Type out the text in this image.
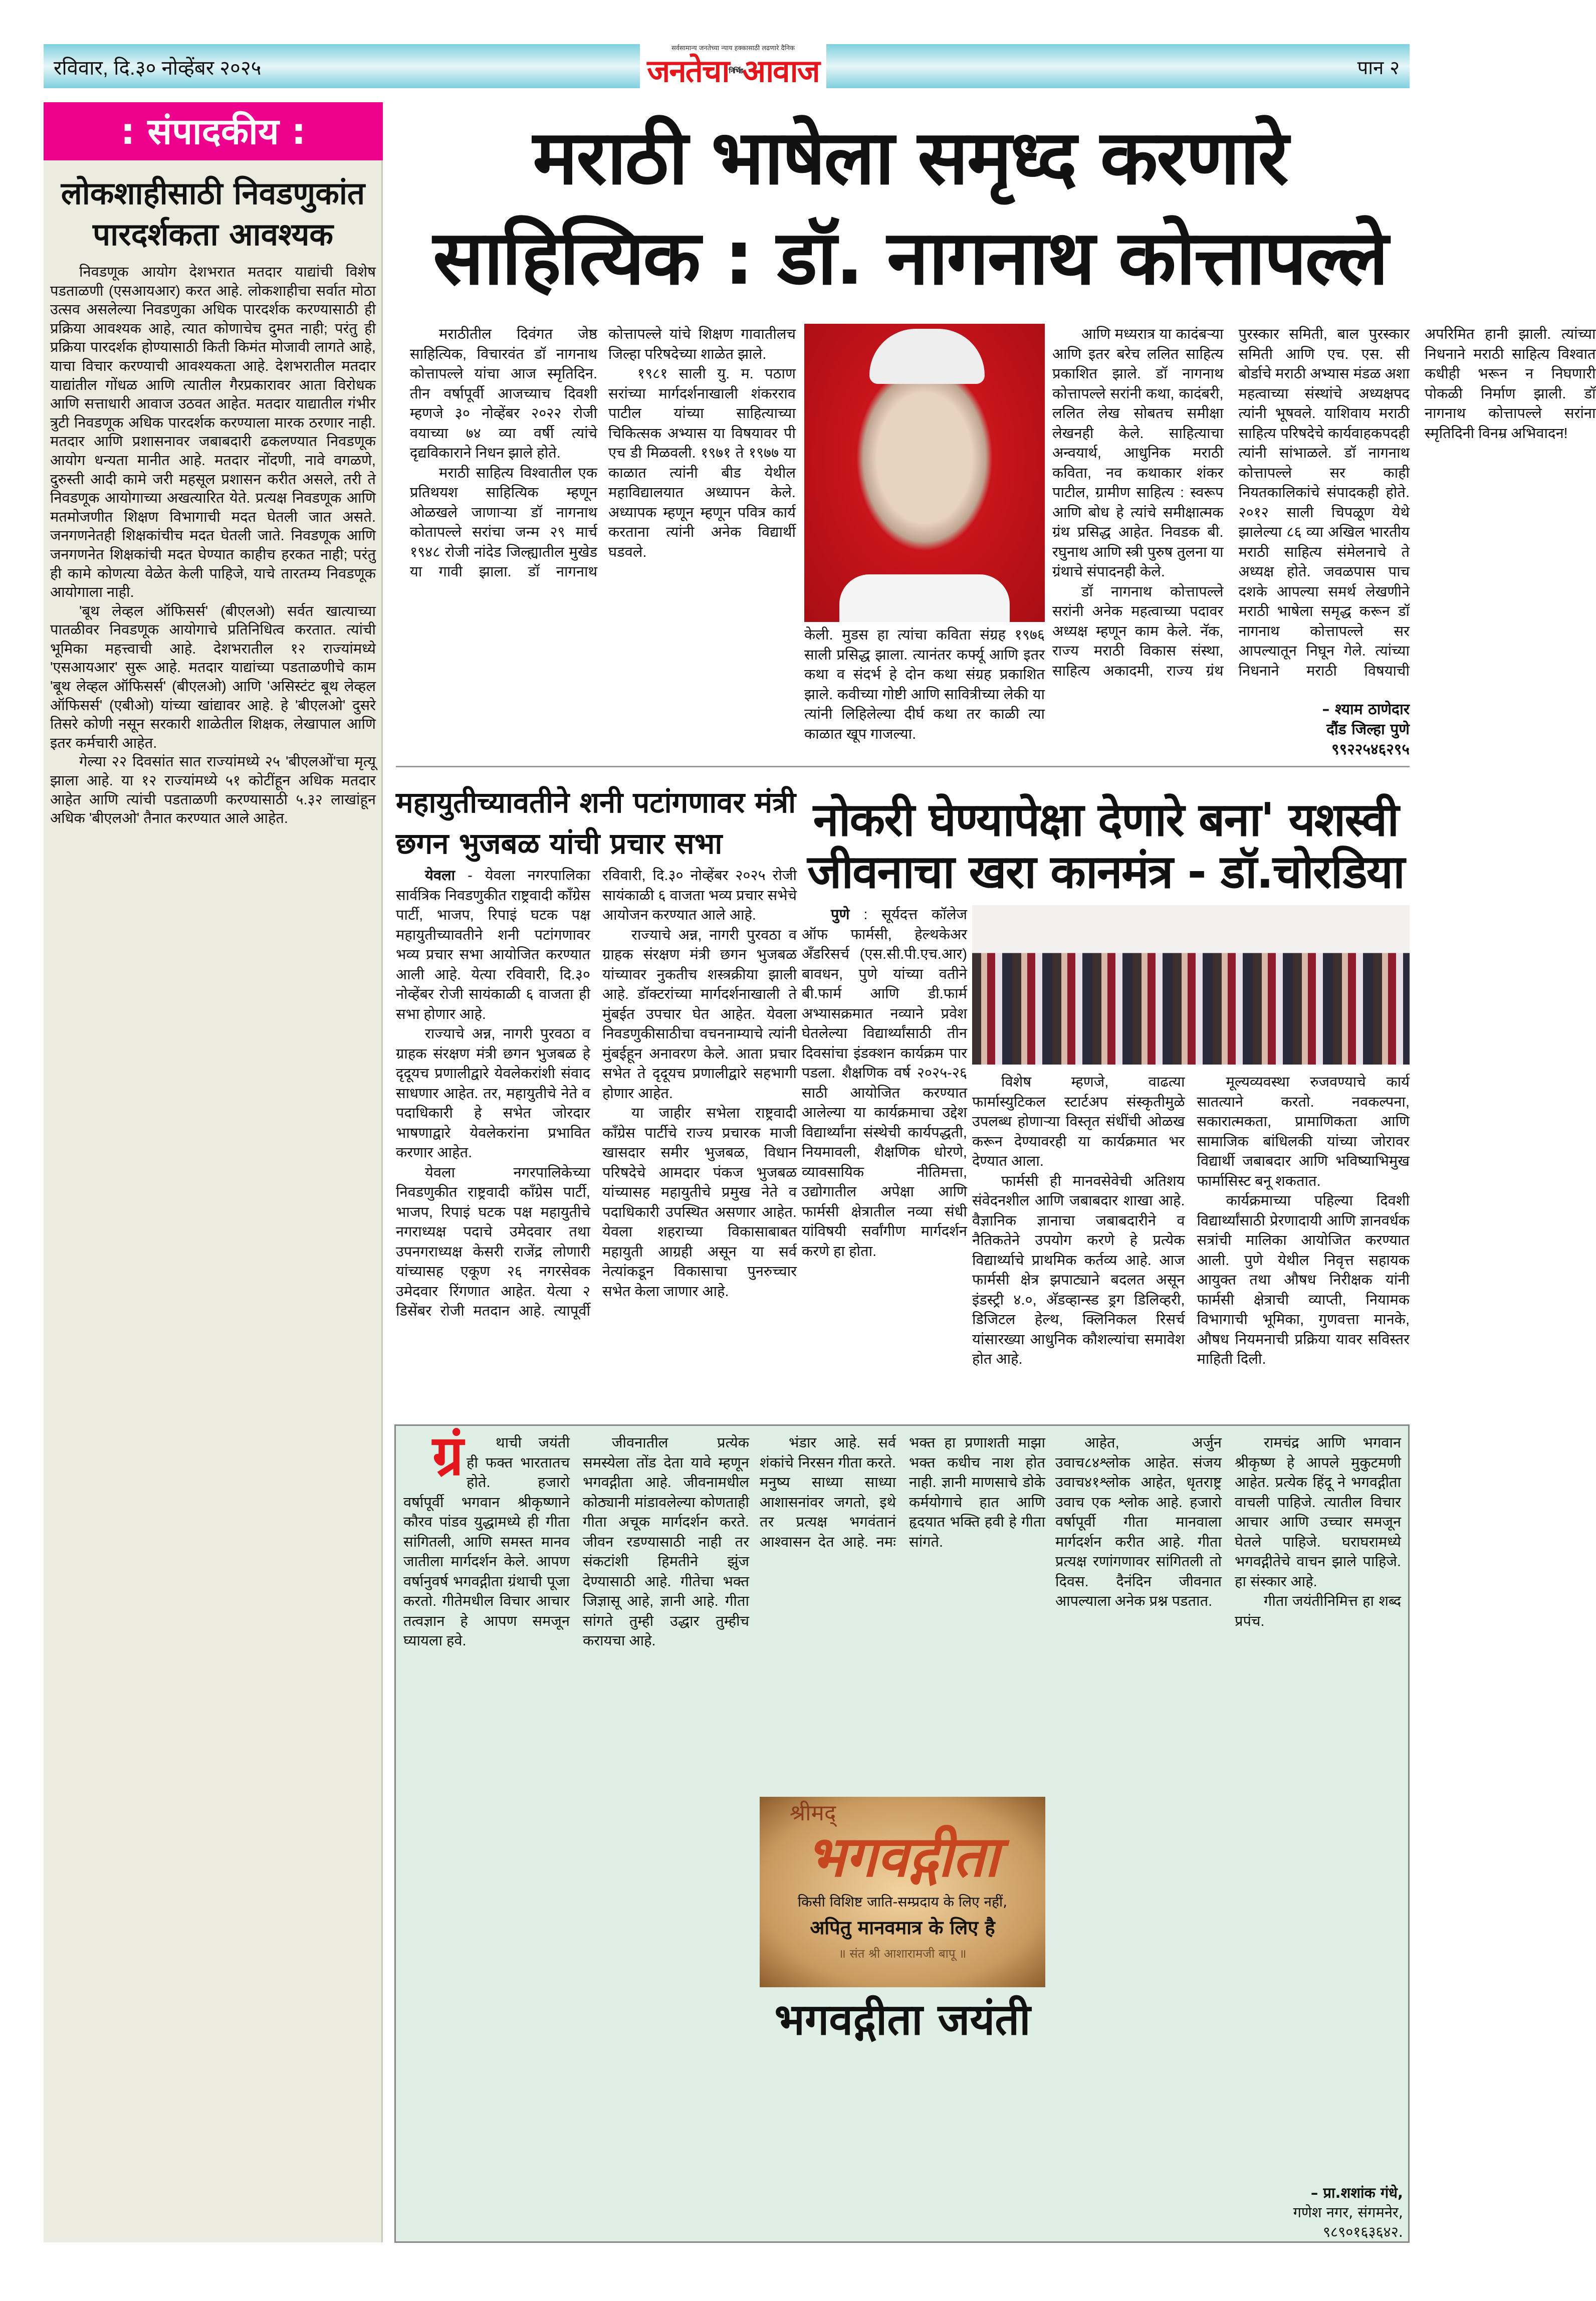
रविवार, दि.३० नोव्हेंबर २०२५
सर्वसामान्य जनतेच्या न्याय हक्कासाठी लढणारे दैनिक
जनतेचा$^{निर्भिड}$आवाज	पान २
: संपादकीय :
लोकशाहीसाठी निवडणुकांत पारदर्शकता आवश्यक

निवडणूक आयोग देशभरात मतदार याद्यांची विशेष पडताळणी (एसआयआर) करत आहे. लोकशाहीचा सर्वात मोठा उत्सव असलेल्या निवडणुका अधिक पारदर्शक करण्यासाठी ही प्रक्रिया आवश्यक आहे, त्यात कोणाचेच दुमत नाही; परंतु ही प्रक्रिया पारदर्शक होण्यासाठी किती किमंत मोजावी लागते आहे, याचा विचार करण्याची आवश्यकता आहे. देशभरातील मतदार याद्यांतील गोंधळ आणि त्यातील गैरप्रकारावर आता विरोधक आणि सत्ताधारी आवाज उठवत आहेत. मतदार याद्यातील गंभीर त्रुटी निवडणूक अधिक पारदर्शक करण्याला मारक ठरणार नाही. मतदार आणि प्रशासनावर जबाबदारी ढकलण्यात निवडणूक आयोग धन्यता मानीत आहे. मतदार नोंदणी, नावे वगळणे, दुरुस्ती आदी कामे जरी महसूल प्रशासन करीत असले, तरी ते निवडणूक आयोगाच्या अखत्यारित येते. प्रत्यक्ष निवडणूक आणि मतमोजणीत शिक्षण विभागाची मदत घेतली जात असते. जनगणनेतही शिक्षकांचीच मदत घेतली जाते. निवडणूक आणि जनगणनेत शिक्षकांची मदत घेण्यात काहीच हरकत नाही; परंतु ही कामे कोणत्या वेळेत केली पाहिजे, याचे तारतम्य निवडणूक आयोगाला नाही.

'बूथ लेव्हल ऑफिसर्स' (बीएलओ) सर्वत खात्याच्या पातळीवर निवडणूक आयोगाचे प्रतिनिधित्व करतात. त्यांची भूमिका महत्त्वाची आहे. देशभरातील १२ राज्यांमध्ये 'एसआयआर' सुरू आहे. मतदार याद्यांच्या पडताळणीचे काम 'बूथ लेव्हल ऑफिसर्स' (बीएलओ) आणि 'असिस्टंट बूथ लेव्हल ऑफिसर्स' (एबीओ) यांच्या खांद्यावर आहे. हे 'बीएलओ' दुसरे तिसरे कोणी नसून सरकारी शाळेतील शिक्षक, लेखापाल आणि इतर कर्मचारी आहेत.

गेल्या २२ दिवसांत सात राज्यांमध्ये २५ 'बीएलओं'चा मृत्यू झाला आहे. या १२ राज्यांमध्ये ५१ कोटींहून अधिक मतदार आहेत आणि त्यांची पडताळणी करण्यासाठी ५.३२ लाखांहून अधिक 'बीएलओ' तैनात करण्यात आले आहेत.

मराठी भाषेला समृध्द करणारे साहित्यिक : डॉ. नागनाथ कोत्तापल्ले

मराठीतील दिवंगत जेष्ठ साहित्यिक, विचारवंत डॉ नागनाथ कोत्तापल्ले यांचा आज स्मृतिदिन. तीन वर्षापूर्वी आजच्याच दिवशी म्हणजे ३० नोव्हेंबर २०२२ रोजी वयाच्या ७४ व्या वर्षी त्यांचे दृद्यविकाराने निधन झाले होते.

मराठी साहित्य विश्वातील एक प्रतिथयश साहित्यिक म्हणून ओळखले जाणाऱ्या डॉ नागनाथ कोतापल्ले सरांचा जन्म २९ मार्च १९४८ रोजी नांदेड जिल्ह्यातील मुखेड या गावी झाला. डॉ नागनाथ कोत्तापल्ले यांचे शिक्षण गावातीलच जिल्हा परिषदेच्या शाळेत झाले.

१९८१ साली यु. म. पठाण सरांच्या मार्गदर्शनाखाली शंकरराव पाटील यांच्या साहित्याच्या चिकित्सक अभ्यास या विषयावर पी एच डी मिळवली. १९७१ ते १९७७ या काळात त्यांनी बीड येथील महाविद्यालयात अध्यापन केले. अध्यापक म्हणून म्हणून पवित्र कार्य करताना त्यांनी अनेक विद्यार्थी घडवले.

केली. मुडस हा त्यांचा कविता संग्रह १९७६ साली प्रसिद्ध झाला. त्यानंतर कर्फ्यू आणि इतर कथा व संदर्भ हे दोन कथा संग्रह प्रकाशित झाले. कवीच्या गोष्टी आणि सावित्रीच्या लेकी या त्यांनी लिहिलेल्या दीर्घ कथा तर काळी त्या काळात खूप गाजल्या.

आणि मध्यरात्र या कादंबऱ्या आणि इतर बरेच ललित साहित्य प्रकाशित झाले. डॉ नागनाथ कोत्तापल्ले सरांनी कथा, कादंबरी, ललित लेख सोबतच समीक्षा लेखनही केले. साहित्याचा अन्वयार्थ, आधुनिक मराठी कविता, नव कथाकार शंकर पाटील, ग्रामीण साहित्य : स्वरूप आणि बोध हे त्यांचे समीक्षात्मक ग्रंथ प्रसिद्ध आहेत. निवडक बी. रघुनाथ आणि स्त्री पुरुष तुलना या ग्रंथाचे संपादनही केले.

डॉ नागनाथ कोत्तापल्ले सरांनी अनेक महत्वाच्या पदावर अध्यक्ष म्हणून काम केले. नॅक, राज्य मराठी विकास संस्था, साहित्य अकादमी, राज्य ग्रंथ पुरस्कार समिती, बाल पुरस्कार समिती आणि एच. एस. सी बोर्डाचे मराठी अभ्यास मंडळ अशा महत्वाच्या संस्थांचे अध्यक्षपद त्यांनी भूषवले. याशिवाय मराठी साहित्य परिषदेचे कार्यवाहकपदही त्यांनी सांभाळले. डॉ नागनाथ कोत्तापल्ले सर काही नियतकालिकांचे संपादकही होते. २०१२ साली चिपळूण येथे झालेल्या ८६ व्या अखिल भारतीय मराठी साहित्य संमेलनाचे ते अध्यक्ष होते. जवळपास पाच दशके आपल्या समर्थ लेखणीने मराठी भाषेला समृद्ध करून डॉ नागनाथ कोत्तापल्ले सर आपल्यातून निघून गेले. त्यांच्या निधनाने मराठी विषयाची अपरिमित हानी झाली. त्यांच्या निधनाने मराठी साहित्य विश्वात कधीही भरून न निघणारी पोकळी निर्माण झाली. डॉ नागनाथ कोत्तापल्ले सरांना स्मृतिदिनी विनम्र अभिवादन!

– श्याम ठाणेदार
दौंड जिल्हा पुणे
९९२२५४६२९५
महायुतीच्यावतीने शनी पटांगणावर मंत्री छगन भुजबळ यांची प्रचार सभा

येवला - येवला नगरपालिका सार्वत्रिक निवडणुकीत राष्ट्रवादी काँग्रेस पार्टी, भाजप, रिपाइं घटक पक्ष महायुतीच्यावतीने शनी पटांगणावर भव्य प्रचार सभा आयोजित करण्यात आली आहे. येत्या रविवारी, दि.३० नोव्हेंबर रोजी सायंकाळी ६ वाजता ही सभा होणार आहे.

राज्याचे अन्न, नागरी पुरवठा व ग्राहक संरक्षण मंत्री छगन भुजबळ हे दृदूयच प्रणालीद्वारे येवलेकरांशी संवाद साधणार आहेत. तर, महायुतीचे नेते व पदाधिकारी हे सभेत जोरदार भाषणाद्वारे येवलेकरांना प्रभावित करणार आहेत.

येवला नगरपालिकेच्या निवडणुकीत राष्ट्रवादी काँग्रेस पार्टी, भाजप, रिपाइं घटक पक्ष महायुतीचे नगराध्यक्ष पदाचे उमेदवार तथा उपनगराध्यक्ष केसरी राजेंद्र लोणारी यांच्यासह एकूण २६ नगरसेवक उमेदवार रिंगणात आहेत. येत्या २ डिसेंबर रोजी मतदान आहे. त्यापूर्वी रविवारी, दि.३० नोव्हेंबर २०२५ रोजी सायंकाळी ६ वाजता भव्य प्रचार सभेचे आयोजन करण्यात आले आहे.

राज्याचे अन्न, नागरी पुरवठा व ग्राहक संरक्षण मंत्री छगन भुजबळ यांच्यावर नुकतीच शस्त्रक्रीया झाली आहे. डॉक्टरांच्या मार्गदर्शनाखाली ते मुंबईत उपचार घेत आहेत. येवला निवडणुकीसाठीचा वचननाम्याचे त्यांनी मुंबईहून अनावरण केले. आता प्रचार सभेत ते दृदूयच प्रणालीद्वारे सहभागी होणार आहेत.

या जाहीर सभेला राष्ट्रवादी काँग्रेस पार्टीचे राज्य प्रचारक माजी खासदार समीर भुजबळ, विधान परिषदेचे आमदार पंकज भुजबळ यांच्यासह महायुतीचे प्रमुख नेते व पदाधिकारी उपस्थित असणार आहेत. येवला शहराच्या विकासाबाबत महायुती आग्रही असून या सर्व नेत्यांकडून विकासाचा पुनरुच्चार सभेत केला जाणार आहे.

नोकरी घेण्यापेक्षा देणारे बना' यशस्वी जीवनाचा खरा कानमंत्र - डॉ.चोरडिया

पुणे : सूर्यदत्त कॉलेज ऑफ फार्मसी, हेल्थकेअर अँडरिसर्च (एस.सी.पी.एच.आर) बावधन, पुणे यांच्या वतीने बी.फार्म आणि डी.फार्म अभ्यासक्रमात नव्याने प्रवेश घेतलेल्या विद्यार्थ्यांसाठी तीन दिवसांचा इंडक्शन कार्यक्रम पार पडला. शैक्षणिक वर्ष २०२५-२६ साठी आयोजित करण्यात आलेल्या या कार्यक्रमाचा उद्देश विद्यार्थ्यांना संस्थेची कार्यपद्धती, नियमावली, शैक्षणिक धोरणे, व्यावसायिक नीतिमत्ता, उद्योगातील अपेक्षा आणि फार्मसी क्षेत्रातील नव्या संधी यांविषयी सर्वांगीण मार्गदर्शन करणे हा होता.

विशेष म्हणजे, वाढत्या फार्मास्युटिकल स्टार्टअप संस्कृतीमुळे उपलब्ध होणाऱ्या विस्तृत संधींची ओळख करून देण्यावरही या कार्यक्रमात भर देण्यात आला.

फार्मसी ही मानवसेवेची अतिशय संवेदनशील आणि जबाबदार शाखा आहे. वैज्ञानिक ज्ञानाचा जबाबदारीने व नैतिकतेने उपयोग करणे हे प्रत्येक विद्यार्थ्याचे प्राथमिक कर्तव्य आहे. आज फार्मसी क्षेत्र झपाट्याने बदलत असून इंडस्ट्री ४.०, अ‍ॅडव्हान्स्ड ड्रग डिलिव्हरी, डिजिटल हेल्थ, क्लिनिकल रिसर्च यांसारख्या आधुनिक कौशल्यांचा समावेश होत आहे.

मूल्यव्यवस्था रुजवण्याचे कार्य सातत्याने करतो. नवकल्पना, सकारात्मकता, प्रामाणिकता आणि सामाजिक बांधिलकी यांच्या जोरावर विद्यार्थी जबाबदार आणि भविष्याभिमुख फार्मासिस्ट बनू शकतात.

कार्यक्रमाच्या पहिल्या दिवशी विद्यार्थ्यांसाठी प्रेरणादायी आणि ज्ञानवर्धक सत्रांची मालिका आयोजित करण्यात आली. पुणे येथील निवृत्त सहायक आयुक्त तथा औषध निरीक्षक यांनी फार्मसी क्षेत्राची व्याप्ती, नियामक विभागाची भूमिका, गुणवत्ता मानके, औषध नियमनाची प्रक्रिया यावर सविस्तर माहिती दिली.

ग्रंथाची जयंती ही फक्त भारतातच होते. हजारो वर्षापूर्वी भगवान श्रीकृष्णाने कौरव पांडव युद्धामध्ये ही गीता सांगितली, आणि समस्त मानव जातीला मार्गदर्शन केले. आपण वर्षानुवर्ष भगवद्गीता ग्रंथाची पूजा करतो. गीतेमधील विचार आचार तत्वज्ञान हे आपण समजून घ्यायला हवे.

जीवनातील प्रत्येक समस्येला तोंड देता यावे म्हणून भगवद्गीता आहे. जीवनामधील कोठ्यानी मांडावलेल्या कोणताही गीता अचूक मार्गदर्शन करते. जीवन रडण्यासाठी नाही तर संकटांशी हिमतीने झुंज देण्यासाठी आहे. गीतेचा भक्त जिज्ञासू आहे, ज्ञानी आहे. गीता सांगते तुम्ही उद्धार तुम्हीच करायचा आहे.

भंडार आहे. सर्व शंकांचे निरसन गीता करते. मनुष्य साध्या साध्या आशासनांवर जगतो, इथे तर प्रत्यक्ष भगवंतानं आश्वासन देत आहे. नमः भक्त हा प्रणाशती माझा भक्त कधीच नाश होत नाही. ज्ञानी माणसाचे डोके कर्मयोगाचे हात आणि हृदयात भक्ति हवी हे गीता सांगते.

आहेत, अर्जुन उवाच८४श्लोक आहेत. संजय उवाच४१श्लोक आहेत, धृतराष्ट्र उवाच एक श्लोक आहे. हजारो वर्षापूर्वी गीता मानवाला मार्गदर्शन करीत आहे. गीता प्रत्यक्ष रणांगणावर सांगितली तो दिवस. दैनंदिन जीवनात आपल्याला अनेक प्रश्न पडतात.

रामचंद्र आणि भगवान श्रीकृष्ण हे आपले मुकुटमणी आहेत. प्रत्येक हिंदू ने भगवद्गीता वाचली पाहिजे. त्यातील विचार आचार आणि उच्चार समजून घेतले पाहिजे. घराघरामध्ये भगवद्गीतेचे वाचन झाले पाहिजे. हा संस्कार आहे.

गीता जयंतीनिमित्त हा शब्द प्रपंच.

श्रीमद्
भगवद्गीता
किसी विशिष्ट जाति-सम्प्रदाय के लिए नहीं,
अपितु मानवमात्र के लिए है
॥ संत श्री आशारामजी बापू ॥
भगवद्गीता जयंती
– प्रा.शशांक गंधे,
गणेश नगर, संगमनेर,
९८९०१६३६४२.
